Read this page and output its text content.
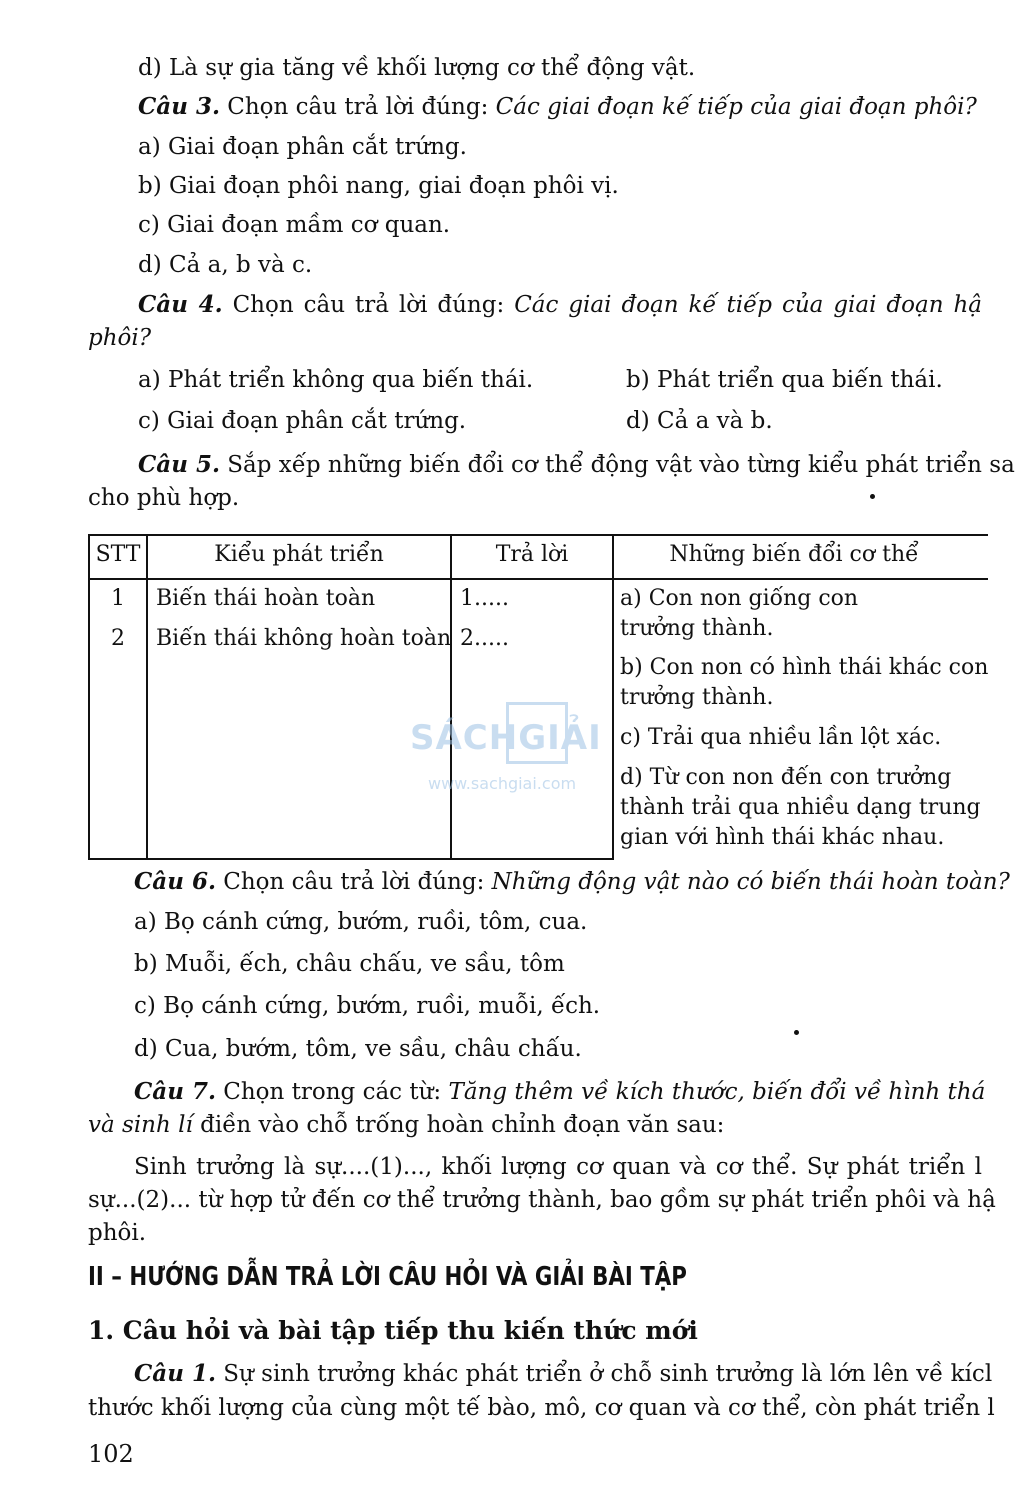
d) Là sự gia tăng về khối lượng cơ thể động vật.
Câu 3. Chọn câu trả lời đúng: Các giai đoạn kế tiếp của giai đoạn phôi?
a) Giai đoạn phân cắt trứng.
b) Giai đoạn phôi nang, giai đoạn phôi vị.
c) Giai đoạn mầm cơ quan.
d) Cả a, b và c.
Câu 4. Chọn câu trả lời đúng: Các giai đoạn kế tiếp của giai đoạn hậ
phôi?
a) Phát triển không qua biến thái.	b) Phát triển qua biến thái.
c) Giai đoạn phân cắt trứng.	d) Cả a và b.
Câu 5. Sắp xếp những biến đổi cơ thể động vật vào từng kiểu phát triển sa
cho phù hợp.
STT	Kiểu phát triển	Trả lời	Những biến đổi cơ thể
1	Biến thái hoàn toàn	1.....
2	Biến thái không hoàn toàn 2.....
a) Con non giống con
trưởng thành.
b) Con non có hình thái khác con
trưởng thành.
c) Trải qua nhiều lần lột xác.
d) Từ con non đến con trưởng
thành trải qua nhiều dạng trung
gian với hình thái khác nhau.
SÁCHGIẢI
www.sachgiai.com
Câu 6. Chọn câu trả lời đúng: Những động vật nào có biến thái hoàn toàn?
a) Bọ cánh cứng, bướm, ruồi, tôm, cua.
b) Muỗi, ếch, châu chấu, ve sầu, tôm
c) Bọ cánh cứng, bướm, ruồi, muỗi, ếch.
d) Cua, bướm, tôm, ve sầu, châu chấu.
Câu 7. Chọn trong các từ: Tăng thêm về kích thước, biến đổi về hình thá
và sinh lí điền vào chỗ trống hoàn chỉnh đoạn văn sau:
Sinh trưởng là sự....(1)..., khối lượng cơ quan và cơ thể. Sự phát triển l
sự...(2)... từ hợp tử đến cơ thể trưởng thành, bao gồm sự phát triển phôi và hậ
phôi.
II – HƯỚNG DẪN TRẢ LỜI CÂU HỎI VÀ GIẢI BÀI TẬP
1. Câu hỏi và bài tập tiếp thu kiến thức mới
Câu 1. Sự sinh trưởng khác phát triển ở chỗ sinh trưởng là lớn lên về kícl
thước khối lượng của cùng một tế bào, mô, cơ quan và cơ thể, còn phát triển l
102
